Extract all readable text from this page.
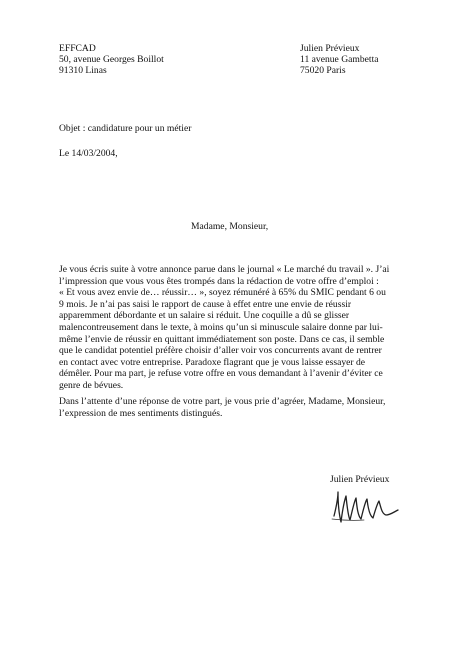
EFFCAD
50, avenue Georges Boillot
91310 Linas
Julien Prévieux
11 avenue Gambetta
75020 Paris
Objet : candidature pour un métier
Le 14/03/2004,
Madame, Monsieur,
Je vous écris suite à votre annonce parue dans le journal « Le marché du travail ». J’ai
l’impression que vous vous êtes trompés dans la rédaction de votre offre d’emploi :
« Et vous avez envie de… réussir… », soyez rémunéré à 65% du SMIC pendant 6 ou
9 mois. Je n’ai pas saisi le rapport de cause à effet entre une envie de réussir
apparemment débordante et un salaire si réduit. Une coquille a dû se glisser
malencontreusement dans le texte, à moins qu’un si minuscule salaire donne par lui-
même l’envie de réussir en quittant immédiatement son poste. Dans ce cas, il semble
que le candidat potentiel préfère choisir d’aller voir vos concurrents avant de rentrer
en contact avec votre entreprise. Paradoxe flagrant que je vous laisse essayer de
démêler. Pour ma part, je refuse votre offre en vous demandant à l’avenir d’éviter ce
genre de bévues.
Dans l’attente d’une réponse de votre part, je vous prie d’agréer, Madame, Monsieur,
l’expression de mes sentiments distingués.
Julien Prévieux
